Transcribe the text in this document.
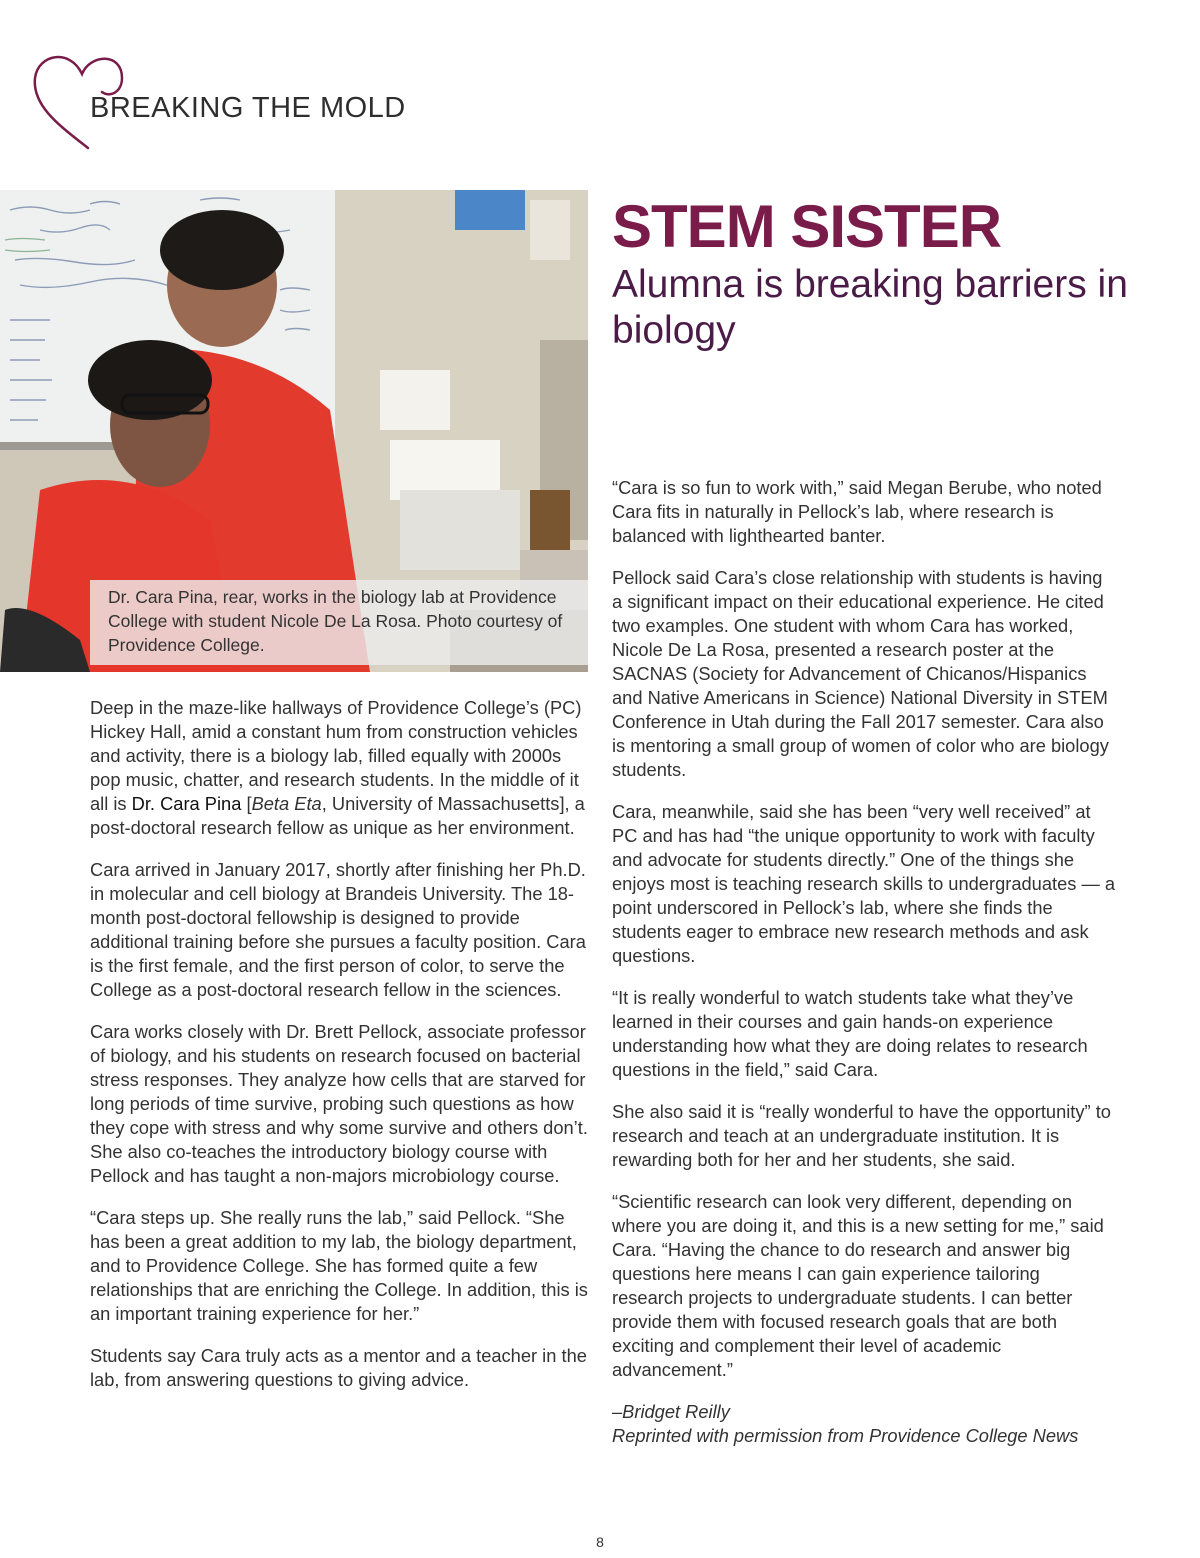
BREAKING THE MOLD
Dr. Cara Pina, rear, works in the biology lab at Providence College with student Nicole De La Rosa. Photo courtesy of Providence College.
STEM SISTER
Alumna is breaking barriers in biology

Deep in the maze-like hallways of Providence College’s (PC) Hickey Hall, amid a constant hum from construction vehicles and activity, there is a biology lab, filled equally with 2000s pop music, chatter, and research students. In the middle of it all is Dr. Cara Pina [Beta Eta, University of Massachusetts], a post-doctoral research fellow as unique as her environment.

Cara arrived in January 2017, shortly after finishing her Ph.D. in molecular and cell biology at Brandeis University. The 18-month post-doctoral fellowship is designed to provide additional training before she pursues a faculty position. Cara is the first female, and the first person of color, to serve the College as a post-doctoral research fellow in the sciences.

Cara works closely with Dr. Brett Pellock, associate professor of biology, and his students on research focused on bacterial stress responses. They analyze how cells that are starved for long periods of time survive, probing such questions as how they cope with stress and why some survive and others don’t. She also co-teaches the introductory biology course with Pellock and has taught a non-majors microbiology course.

“Cara steps up. She really runs the lab,” said Pellock. “She has been a great addition to my lab, the biology department, and to Providence College. She has formed quite a few relationships that are enriching the College. In addition, this is an important training experience for her.”

Students say Cara truly acts as a mentor and a teacher in the lab, from answering questions to giving advice.

“Cara is so fun to work with,” said Megan Berube, who noted Cara fits in naturally in Pellock’s lab, where research is balanced with lighthearted banter.

Pellock said Cara’s close relationship with students is having a significant impact on their educational experience. He cited two examples. One student with whom Cara has worked, Nicole De La Rosa, presented a research poster at the SACNAS (Society for Advancement of Chicanos/Hispanics and Native Americans in Science) National Diversity in STEM Conference in Utah during the Fall 2017 semester. Cara also is mentoring a small group of women of color who are biology students.

Cara, meanwhile, said she has been “very well received” at PC and has had “the unique opportunity to work with faculty and advocate for students directly.” One of the things she enjoys most is teaching research skills to undergraduates — a point underscored in Pellock’s lab, where she finds the students eager to embrace new research methods and ask questions.

“It is really wonderful to watch students take what they’ve learned in their courses and gain hands-on experience understanding how what they are doing relates to research questions in the field,” said Cara.

She also said it is “really wonderful to have the opportunity” to research and teach at an undergraduate institution. It is rewarding both for her and her students, she said.

“Scientific research can look very different, depending on where you are doing it, and this is a new setting for me,” said Cara. “Having the chance to do research and answer big questions here means I can gain experience tailoring research projects to undergraduate students. I can better provide them with focused research goals that are both exciting and complement their level of academic advancement.”

–Bridget Reilly
Reprinted with permission from Providence College News

8
